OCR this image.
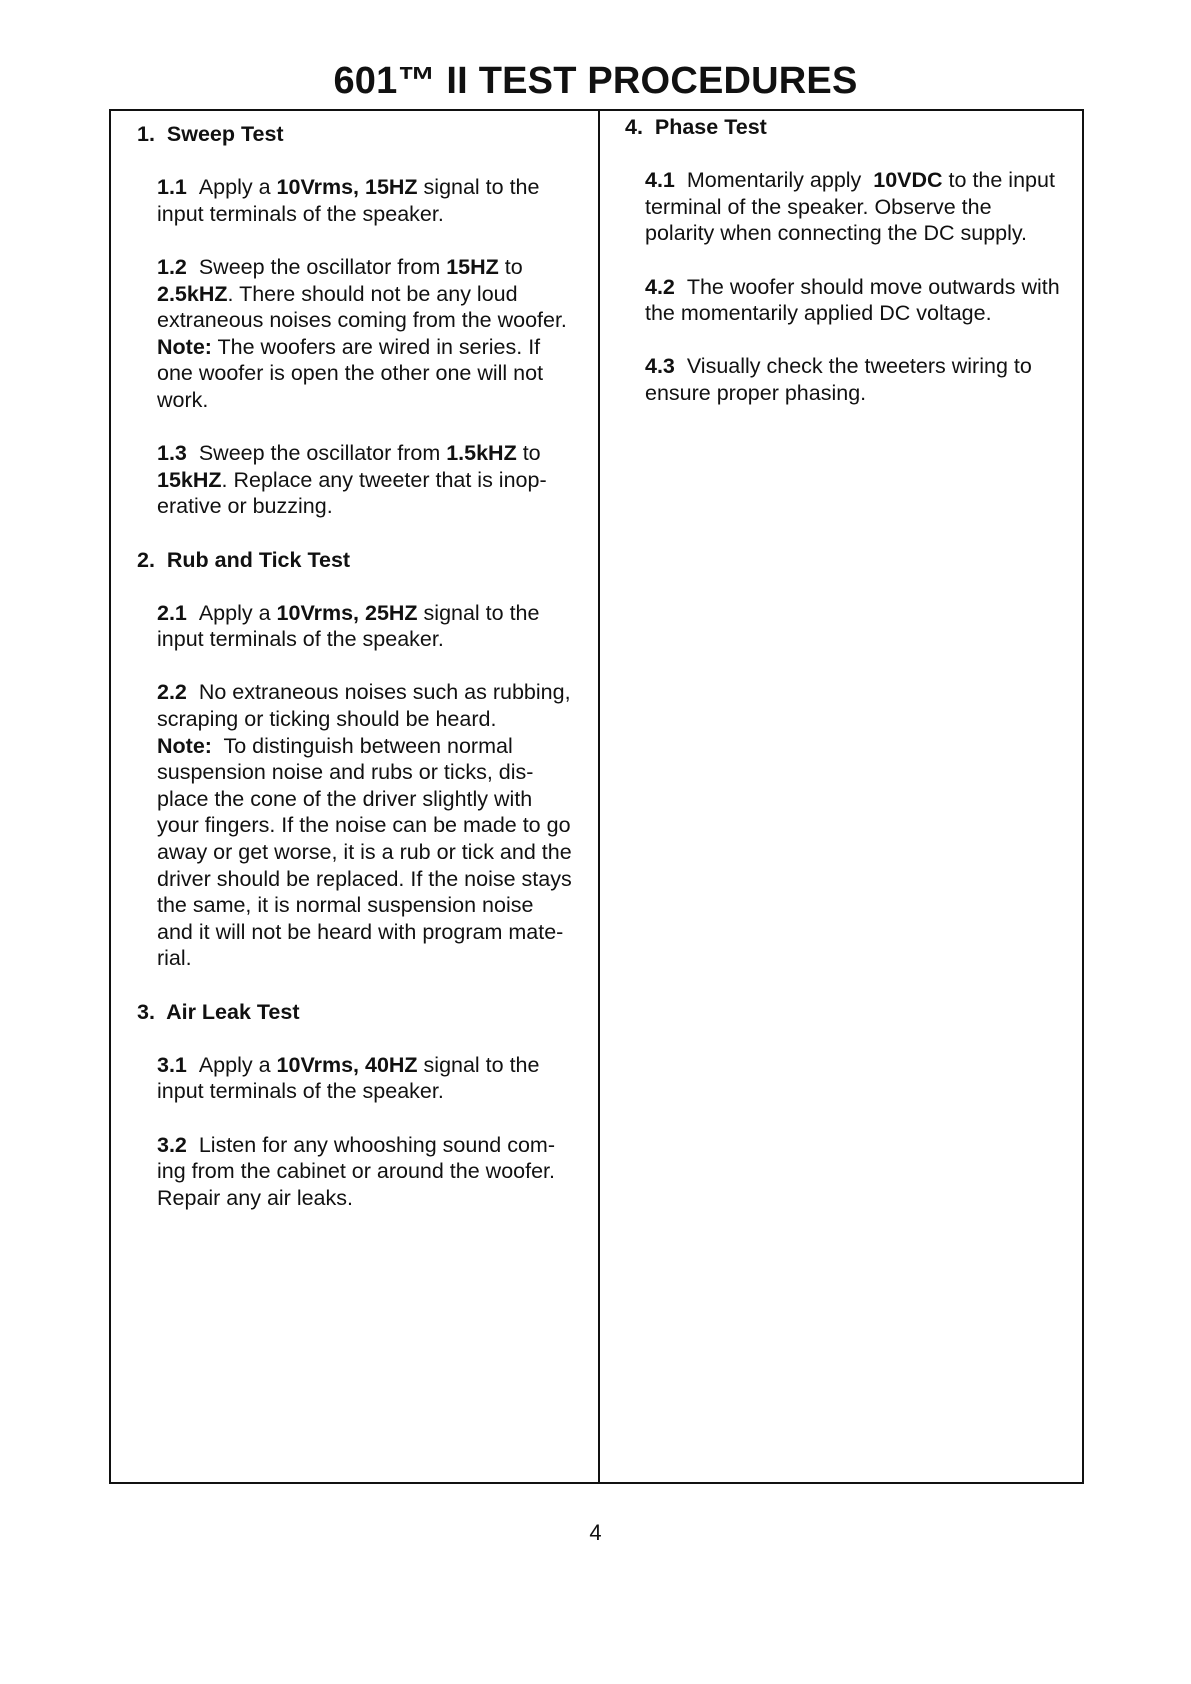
601™ II TEST PROCEDURES
1.  Sweep Test
1.1 Apply a 10Vrms, 15HZ signal to the
input terminals of the speaker.
1.2 Sweep the oscillator from 15HZ to
2.5kHZ. There should not be any loud
extraneous noises coming from the woofer.
Note: The woofers are wired in series. If
one woofer is open the other one will not
work.
1.3 Sweep the oscillator from 1.5kHZ to
15kHZ. Replace any tweeter that is inop-
erative or buzzing.
2.  Rub and Tick Test
2.1 Apply a 10Vrms, 25HZ signal to the
input terminals of the speaker.
2.2 No extraneous noises such as rubbing,
scraping or ticking should be heard.
Note:  To distinguish between normal
suspension noise and rubs or ticks, dis-
place the cone of the driver slightly with
your fingers. If the noise can be made to go
away or get worse, it is a rub or tick and the
driver should be replaced. If the noise stays
the same, it is normal suspension noise
and it will not be heard with program mate-
rial.
3.  Air Leak Test
3.1 Apply a 10Vrms, 40HZ signal to the
input terminals of the speaker.
3.2 Listen for any whooshing sound com-
ing from the cabinet or around the woofer.
Repair any air leaks.
4.  Phase Test
4.1 Momentarily apply  10VDC to the input
terminal of the speaker. Observe the
polarity when connecting the DC supply.
4.2 The woofer should move outwards with
the momentarily applied DC voltage.
4.3 Visually check the tweeters wiring to
ensure proper phasing.
4
